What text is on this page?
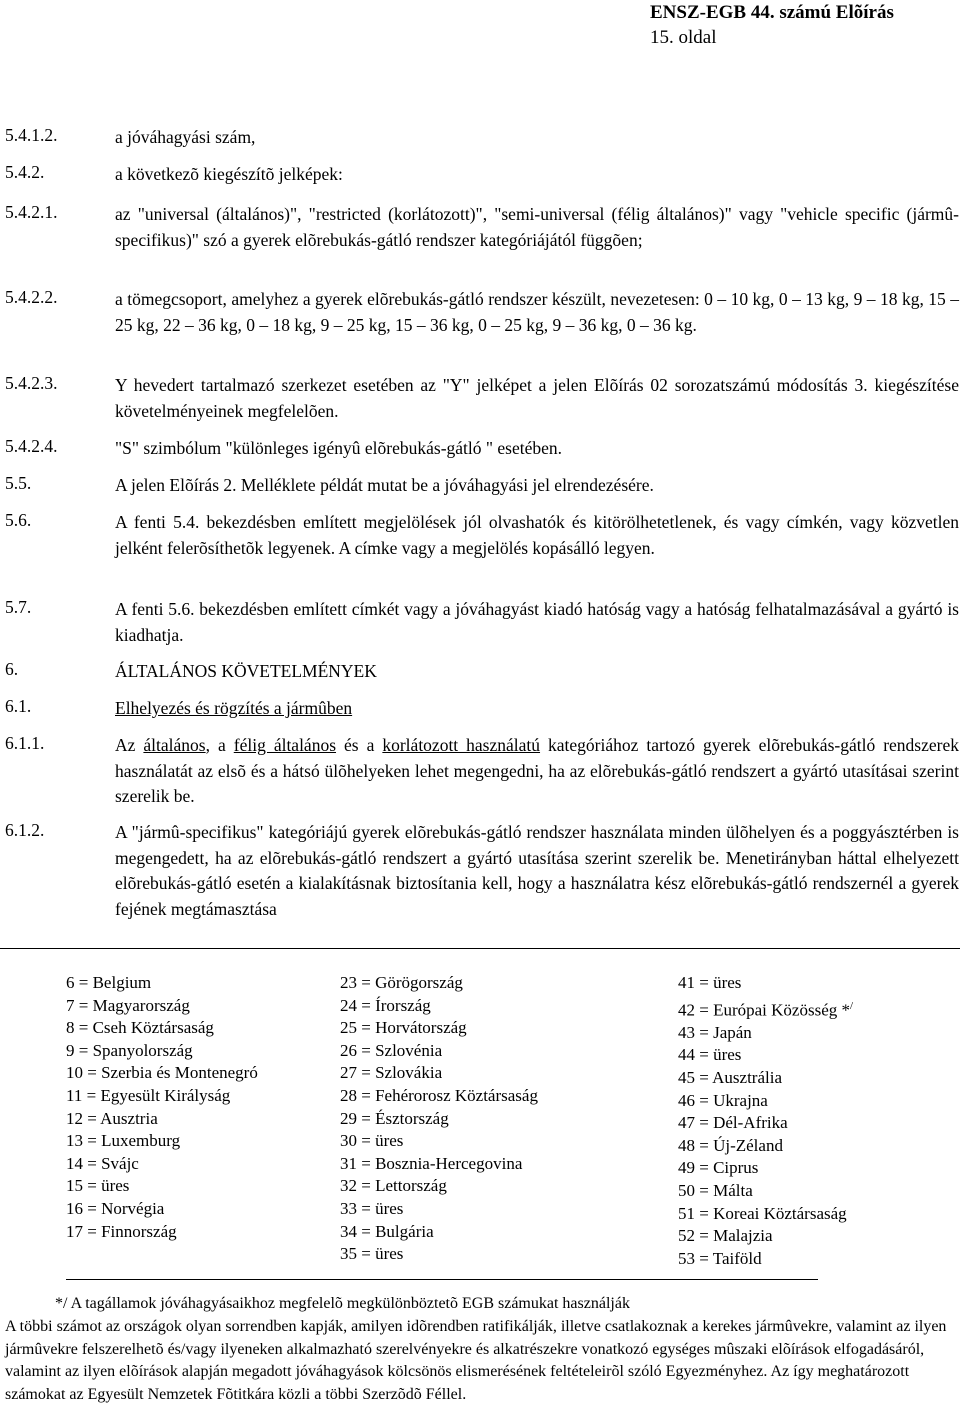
ENSZ-EGB 44. számú Elõírás
15. oldal
5.4.1.2.	a jóváhagyási szám,
5.4.2.	a következõ kiegészítõ jelképek:
5.4.2.1.	az "universal (általános)", "restricted (korlátozott)", "semi-universal (félig általános)" vagy "vehicle specific (jármû-specifikus)" szó a gyerek elõrebukás-gátló rendszer kategóriájától függõen;
5.4.2.2.	a tömegcsoport, amelyhez a gyerek elõrebukás-gátló rendszer készült, nevezetesen: 0 – 10 kg, 0 – 13 kg, 9 – 18 kg, 15 – 25 kg, 22 – 36 kg, 0 – 18 kg, 9 – 25 kg, 15 – 36 kg, 0 – 25 kg, 9 – 36 kg, 0 – 36 kg.
5.4.2.3.	Y hevedert tartalmazó szerkezet esetében az "Y" jelképet a jelen Elõírás 02 sorozatszámú módosítás 3. kiegészítése követelményeinek megfelelõen.
5.4.2.4.	"S" szimbólum "különleges igényû elõrebukás-gátló " esetében.
5.5.	A jelen Elõírás 2. Melléklete példát mutat be a jóváhagyási jel elrendezésére.
5.6.	A fenti 5.4. bekezdésben említett megjelölések jól olvashatók és kitörölhetetlenek, és vagy címkén, vagy közvetlen jelként felerõsíthetõk legyenek. A címke vagy a megjelölés kopásálló legyen.
5.7.	A fenti 5.6. bekezdésben említett címkét vagy a jóváhagyást kiadó hatóság vagy a hatóság felhatalmazásával a gyártó is kiadhatja.
6.	ÁLTALÁNOS KÖVETELMÉNYEK
6.1.	Elhelyezés és rögzítés a jármûben
6.1.1.	Az általános, a félig általános és a korlátozott használatú kategóriához tartozó gyerek elõrebukás-gátló rendszerek használatát az elsõ és a hátsó ülõhelyeken lehet megengedni, ha az elõrebukás-gátló rendszert a gyártó utasításai szerint szerelik be.
6.1.2.	A "jármû-specifikus" kategóriájú gyerek elõrebukás-gátló rendszer használata minden ülõhelyen és a poggyásztérben is megengedett, ha az elõrebukás-gátló rendszert a gyártó utasítása szerint szerelik be. Menetirányban háttal elhelyezett elõrebukás-gátló esetén a kialakításnak biztosítania kell, hogy a használatra kész elõrebukás-gátló rendszernél a gyerek fejének megtámasztása
6 = Belgium
7 = Magyarország
8 = Cseh Köztársaság
9 = Spanyolország
10 = Szerbia és Montenegró
11 = Egyesült Királyság
12 = Ausztria
13 = Luxemburg
14 = Svájc
15 = üres
16 = Norvégia
17 = Finnország
23 = Görögország
24 = Írország
25 = Horvátország
26 = Szlovénia
27 = Szlovákia
28 = Fehérorosz Köztársaság
29 = Észtország
30 = üres
31 = Bosznia-Hercegovina
32 = Lettország
33 = üres
34 = Bulgária
35 = üres
41 = üres
42 = Európai Közösség */
43 = Japán
44 = üres
45 = Ausztrália
46 = Ukrajna
47 = Dél-Afrika
48 = Új-Zéland
49 = Ciprus
50 = Málta
51 = Koreai Köztársaság
52 = Malajzia
53 = Taiföld
*/ A tagállamok jóváhagyásaikhoz megfelelõ megkülönböztetõ EGB számukat használják
A többi számot az országok olyan sorrendben kapják, amilyen idõrendben ratifikálják, illetve csatlakoznak a kerekes jármûvekre, valamint az ilyen jármûvekre felszerelhetõ és/vagy ilyeneken alkalmazható szerelvényekre és alkatrészekre vonatkozó egységes mûszaki elõírások elfogadásáról, valamint az ilyen elõírások alapján megadott jóváhagyások kölcsönös elismerésének feltételeirõl szóló Egyezményhez. Az így meghatározott számokat az Egyesült Nemzetek Fõtitkára közli a többi Szerzõdõ Féllel.
